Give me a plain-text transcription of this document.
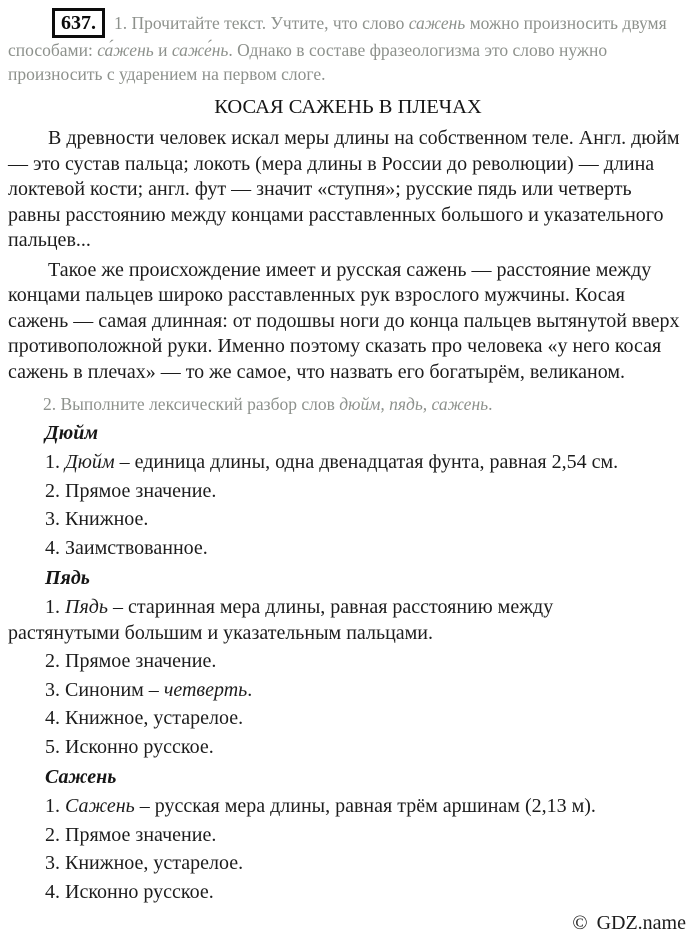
637. 1. Прочитайте текст. Учтите, что слово сажень можно произносить двумя способами: са́жень и саже́нь. Однако в составе фразеологизма это слово нужно произносить с ударением на первом слоге.

КОСАЯ САЖЕНЬ В ПЛЕЧАХ

В древности человек искал меры длины на собственном теле. Англ. дюйм — это сустав пальца; локоть (мера длины в России до революции) — длина локтевой кости; англ. фут — значит «ступня»; русские пядь или четверть равны расстоянию между концами расставленных большого и указательного пальцев...

Такое же происхождение имеет и русская сажень — расстояние между концами пальцев широко расставленных рук взрослого мужчины. Косая сажень — самая длинная: от подошвы ноги до конца пальцев вытянутой вверх противоположной руки. Именно поэтому сказать про человека «у него косая сажень в плечах» — то же самое, что назвать его богатырём, великаном.

2. Выполните лексический разбор слов дюйм, пядь, сажень.

Дюйм

1. Дюйм – единица длины, одна двенадцатая фунта, равная 2,54 см.

2. Прямое значение.

3. Книжное.

4. Заимствованное.

Пядь

1. Пядь – старинная мера длины, равная расстоянию между
растянутыми большим и указательным пальцами.

2. Прямое значение.

3. Синоним – четверть.

4. Книжное, устарелое.

5. Исконно русское.

Сажень

1. Сажень – русская мера длины, равная трём аршинам (2,13 м).

2. Прямое значение.

3. Книжное, устарелое.

4. Исконно русское.

© GDZ.name
